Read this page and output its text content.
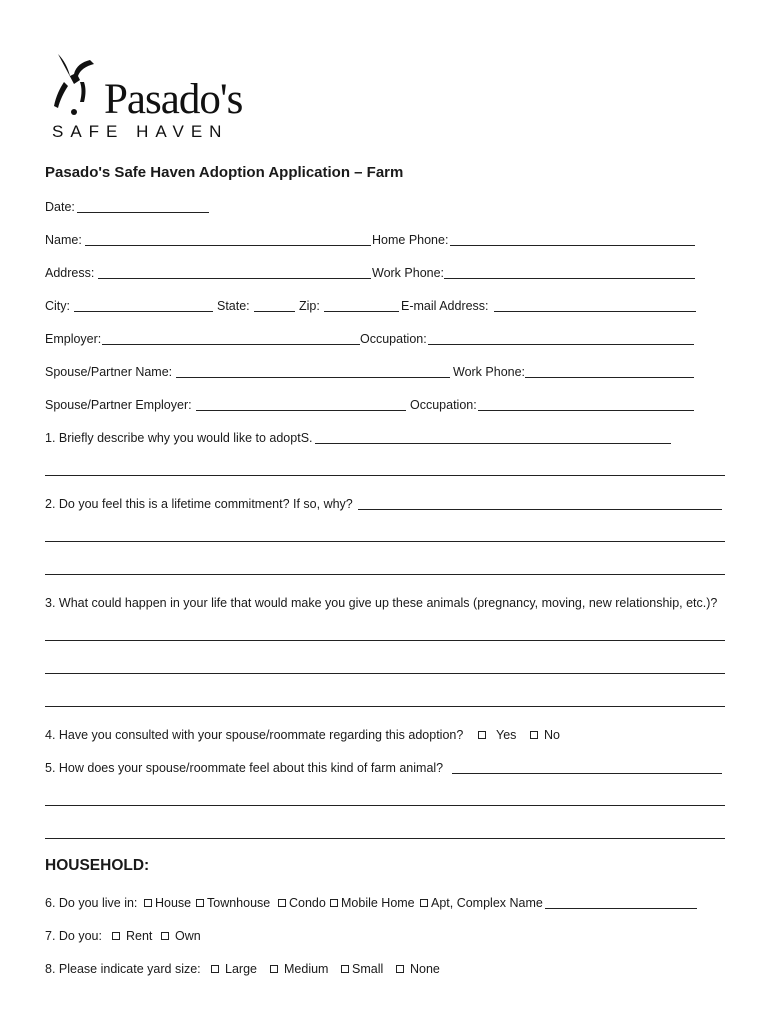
Pasado's
SAFE HAVEN
Pasado's Safe Haven Adoption Application – Farm
Date:
Name:	Home Phone:
Address:	Work Phone:
City:	State:	Zip:	E-mail Address:
Employer:	Occupation:
Spouse/Partner Name:	Work Phone:
Spouse/Partner Employer:	Occupation:
1. Briefly describe why you would like to adoptS.
2. Do you feel this is a lifetime commitment? If so, why?
3. What could happen in your life that would make you give up these animals (pregnancy, moving, new relationship, etc.)?
4. Have you consulted with your spouse/roommate regarding this adoption?	Yes No
5. How does your spouse/roommate feel about this kind of farm animal?
HOUSEHOLD:
6. Do you live in: House Townhouse Condo Mobile Home Apt, Complex Name
7. Do you: Rent Own
8. Please indicate yard size: Large Medium Small None
